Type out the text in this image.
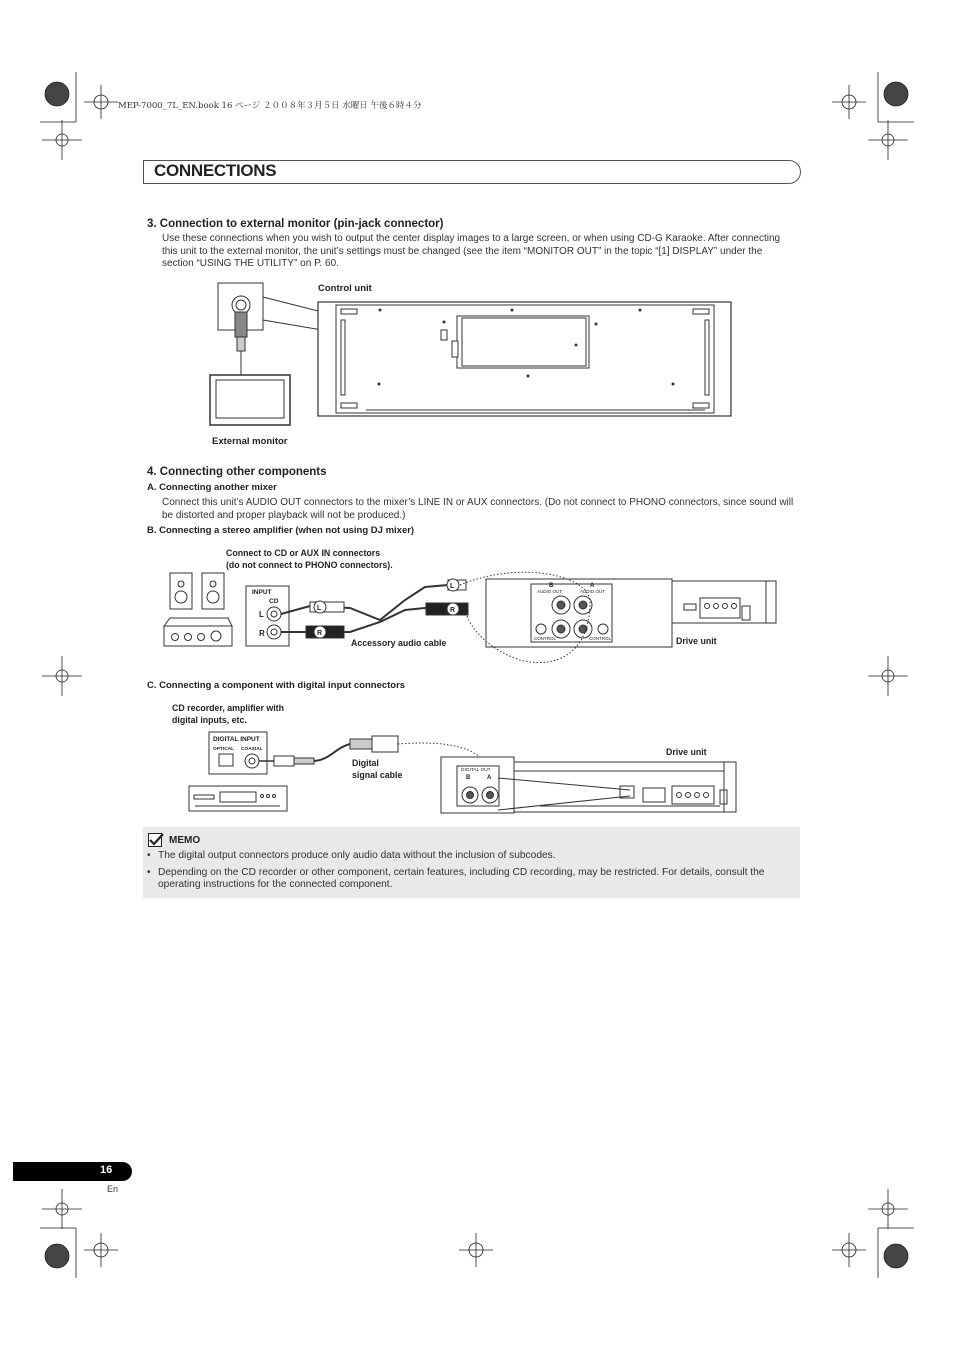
MEP-7000_7L_EN.book 16 ページ ２００８年３月５日 水曜日 午後６時４分
CONNECTIONS
3. Connection to external monitor (pin-jack connector)
Use these connections when you wish to output the center display images to a large screen, or when using CD-G Karaoke. After connecting this unit to the external monitor, the unit’s settings must be changed (see the item “MONITOR OUT” in the topic “[1] DISPLAY” under the section “USING THE UTILITY” on P. 60.
Control unit
External monitor
4. Connecting other components
A. Connecting another mixer
Connect this unit’s AUDIO OUT connectors to the mixer’s LINE IN or AUX connectors. (Do not connect to PHONO connectors, since sound will be distorted and proper playback will not be produced.)
B. Connecting a stereo amplifier (when not using DJ mixer)
Connect to CD or AUX IN connectors
(do not connect to PHONO connectors).
Accessory audio cable	Drive unit
INPUT
CD
L
R
L
R
L
R
B	A
AUDIO OUT	AUDIO OUT
CONTROL	CONTROL
C. Connecting a component with digital input connectors
CD recorder, amplifier with
digital inputs, etc.
Digital
signal cable
Drive unit
DIGITAL INPUT
OPTICAL COAXIAL
DIGITAL OUT
B	A
MEMO
• The digital output connectors produce only audio data without the inclusion of subcodes.
• Depending on the CD recorder or other component, certain features, including CD recording, may be restricted. For details, consult the operating instructions for the connected component.
16
En
